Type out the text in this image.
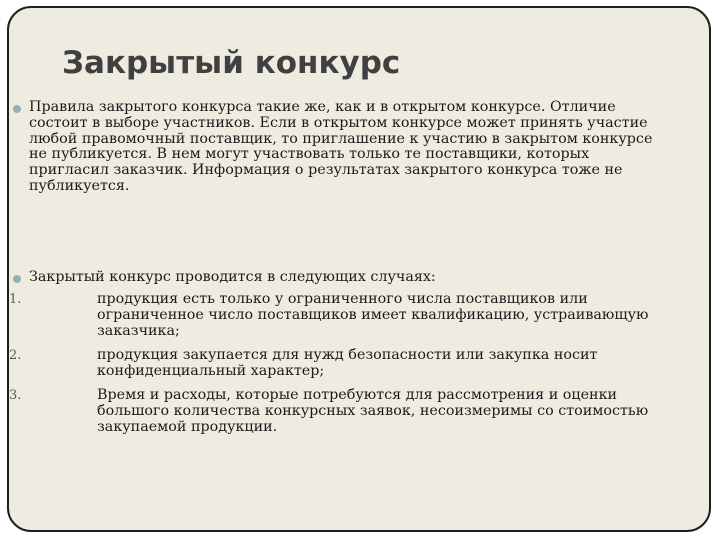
Закрытый конкурс
Правила закрытого конкурса такие же, как и в открытом конкурсе. Отличие состоит в выборе участников. Если в открытом конкурсе может принять участие любой правомочный поставщик, то приглашение к участию в закрытом конкурсе не публикуется. В нем могут участвовать только те поставщики, которых пригласил заказчик. Информация о результатах закрытого конкурса тоже не публикуется.
Закрытый конкурс проводится в следующих случаях:
1.	продукция есть только у ограниченного числа поставщиков или ограниченное число поставщиков имеет квалификацию, устраивающую заказчика;
2.	продукция закупается для нужд безопасности или закупка носит конфиденциальный характер;
3.	Время и расходы, которые потребуются для рассмотрения и оценки большого количества конкурсных заявок, несоизмеримы со стоимостью закупаемой продукции.
